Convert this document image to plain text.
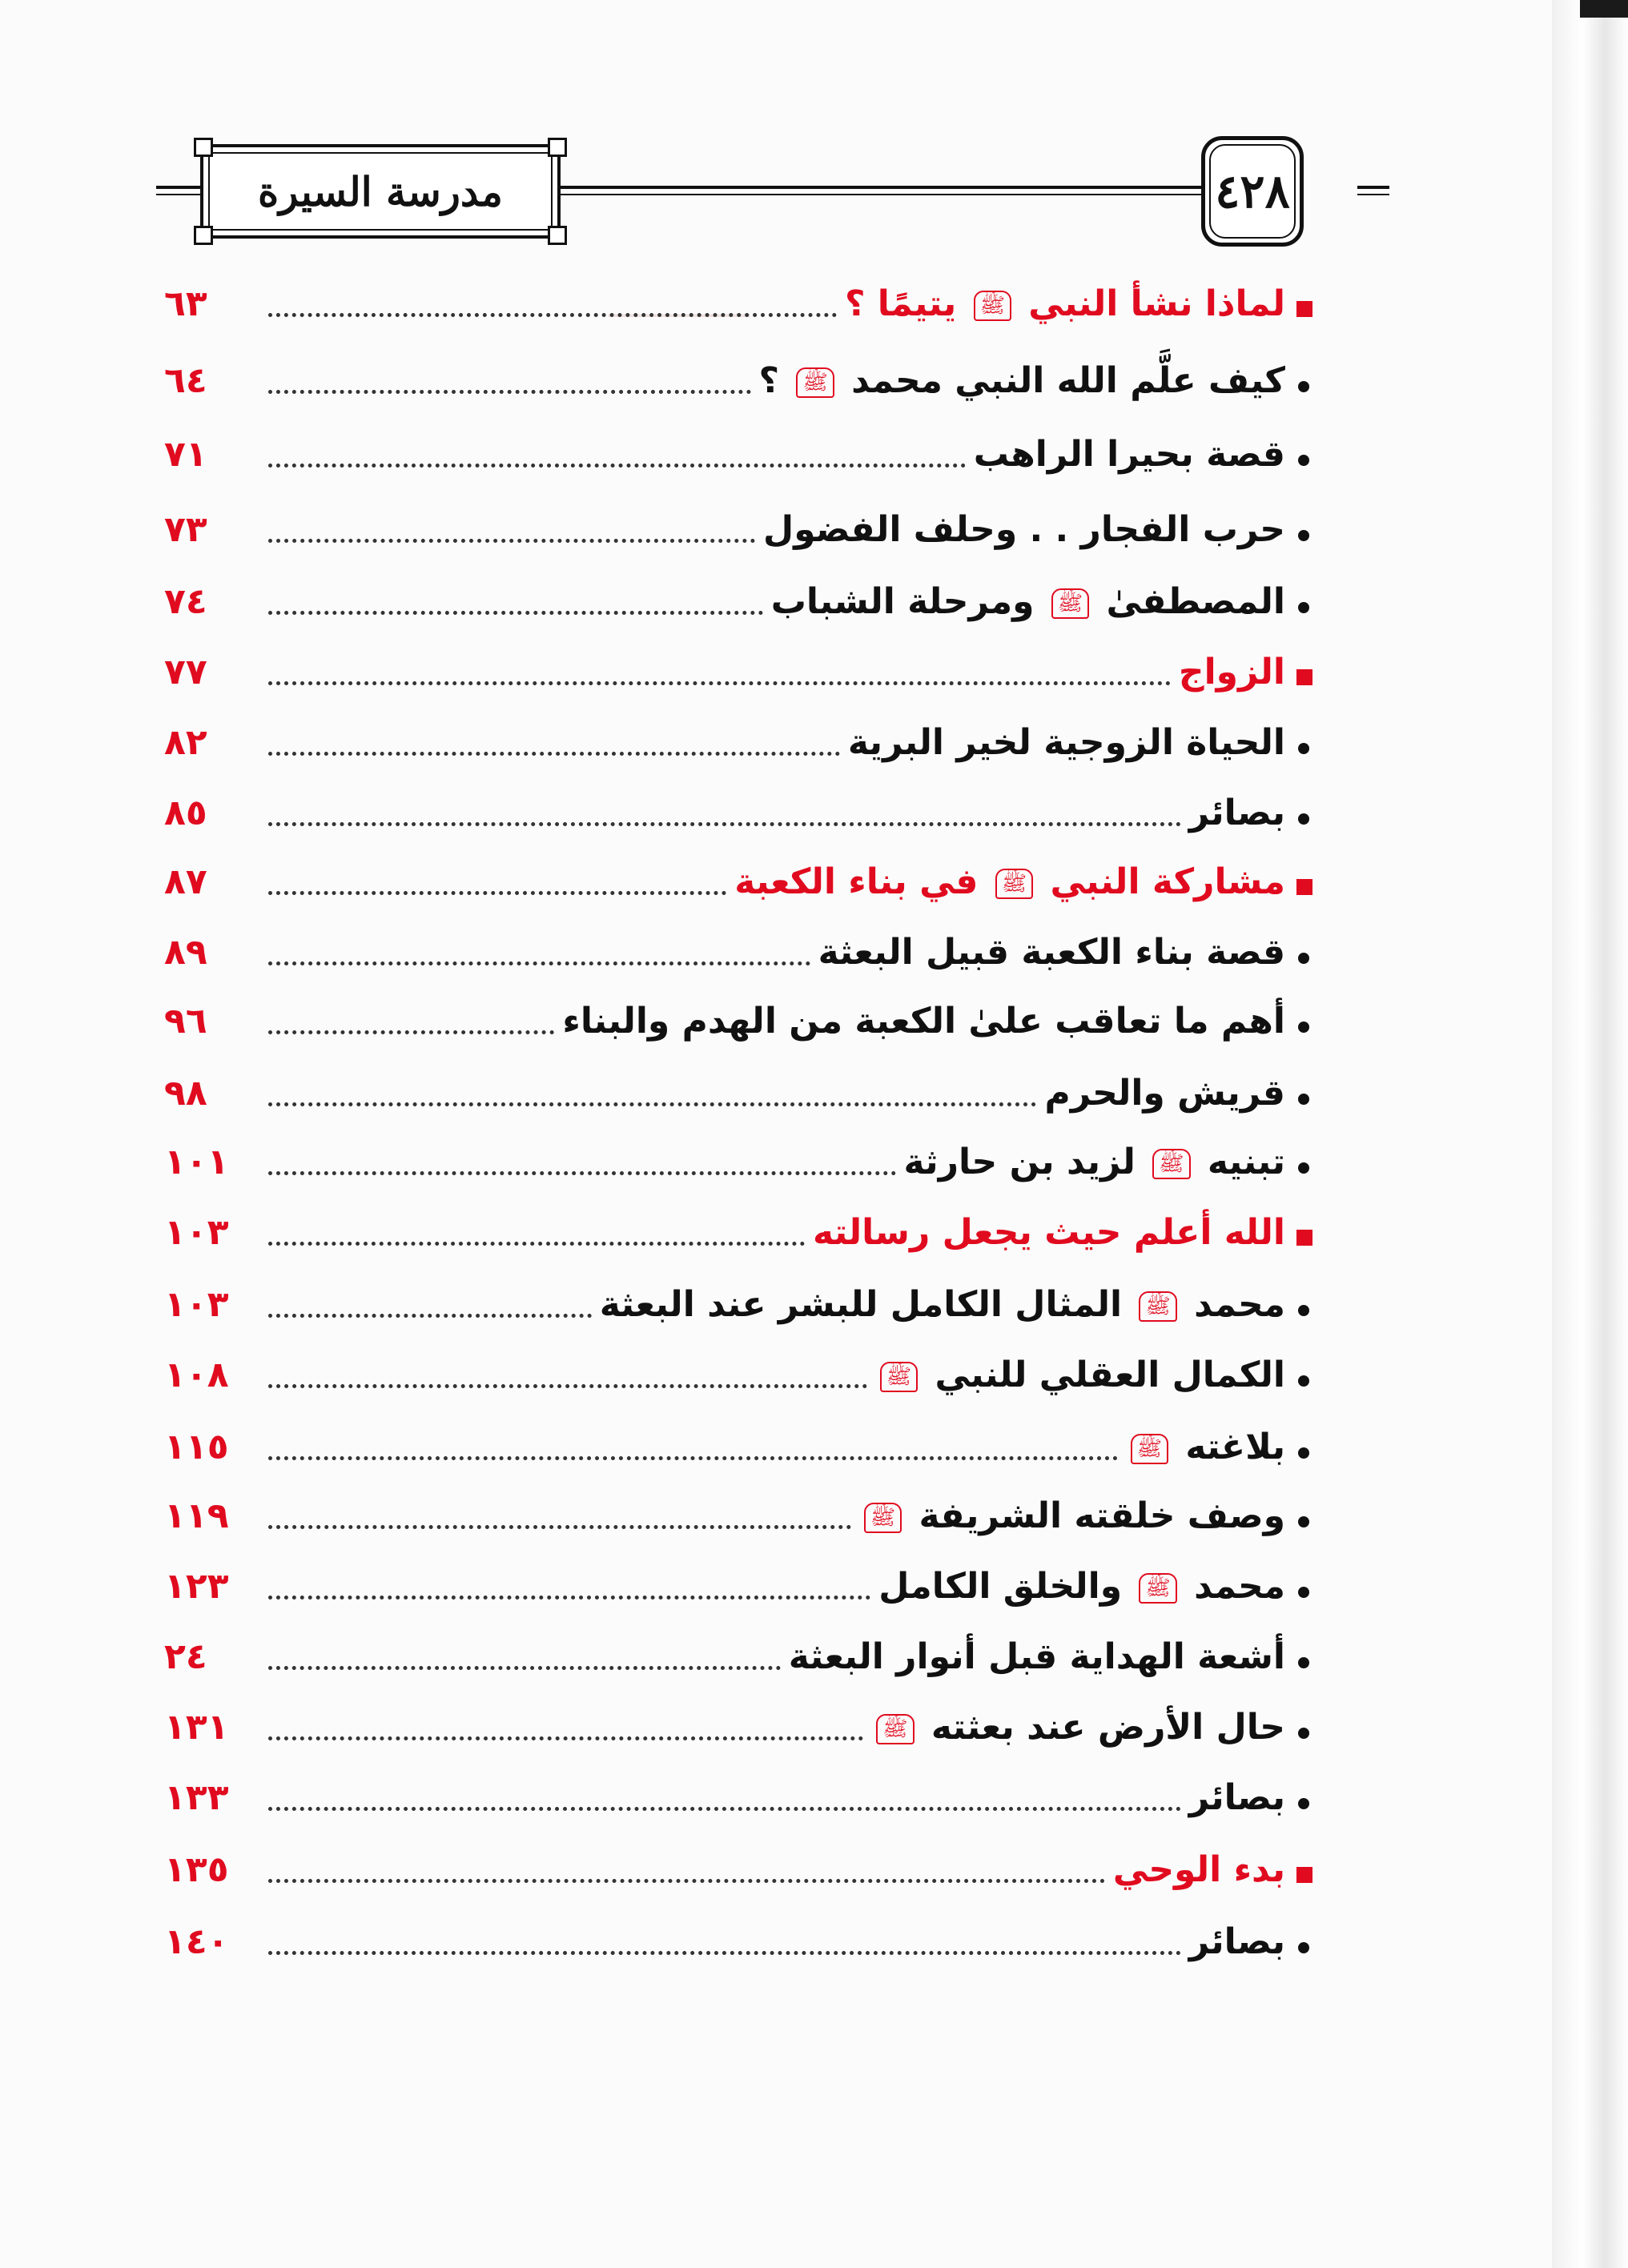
مدرسة السيرة	٤٢٨
ـــــــــــــــ	لماذا نشأ النبي ﷺ يتيمًا ؟
٦٣
كيف علَّم الله النبي محمد ﷺ ؟
٦٤
قصة بحيرا الراهب
٧١
حرب الفجار . . وحلف الفضول
٧٣
المصطفىٰ ﷺ ومرحلة الشباب
٧٤
الزواج
٧٧
الحياة الزوجية لخير البرية
٨٢
بصائر
٨٥
مشاركة النبي ﷺ في بناء الكعبة
٨٧
قصة بناء الكعبة قبيل البعثة
٨٩
أهم ما تعاقب علىٰ الكعبة من الهدم والبناء
٩٦
قريش والحرم
٩٨
تبنيه ﷺ لزيد بن حارثة
١٠١
الله أعلم حيث يجعل رسالته
١٠٣
محمد ﷺ المثال الكامل للبشر عند البعثة
١٠٣
الكمال العقلي للنبي ﷺ
١٠٨
بلاغته ﷺ
١١٥
وصف خلقته الشريفة ﷺ
١١٩
محمد ﷺ والخلق الكامل
١٢٣
أشعة الهداية قبل أنوار البعثة
٢٤
حال الأرض عند بعثته ﷺ
١٣١
بصائر
١٣٣
بدء الوحي
١٣٥
بصائر
١٤٠
